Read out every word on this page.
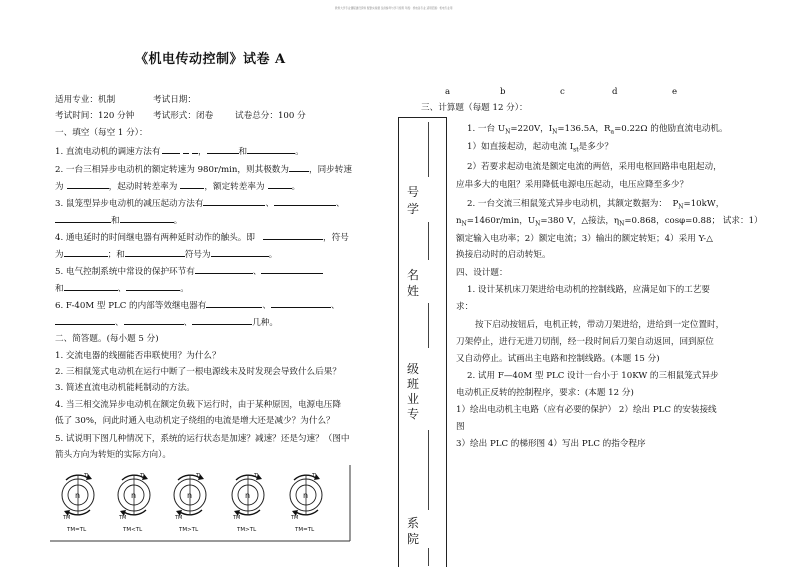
教育大学专业课程建设资料 配套实验课 仅供参考与学习使用 年级：机电各专业 适用范围：机电专业用
《机电传动控制》试卷 A
适用专业：机制	考试日期：
考试时间：120 分钟 考试形式：闭卷	试卷总分：100 分
一、填空（每空 1 分）：
1. 直流电动机的调速方法有	，	和	。
2. 一台三相异步电动机的额定转速为 980r/min，则其极数为 ，同步转速
为	，起动时转差率为	，额定转差率为	。
3. 鼠笼型异步电动机的减压起动方法有	、	、
和	。
4. 通电延时的时间继电器有两种延时动作的触头。即	，符号
为	；和	符号为	。
5. 电气控制系统中常设的保护环节有	、
和	、	。
6. F-40M 型 PLC 的内部等效继电器有	、	、
、	、	几种。
二、简答题。(每小题 5 分)
1. 交流电器的线圈能否串联使用？为什么？
2. 三相鼠笼式电动机在运行中断了一根电源线未及时发现会导致什么后果？
3. 简述直流电动机能耗制动的方法。
4. 当三相交流异步电动机在额定负载下运行时，由于某种原因，电源电压降
低了 30%，问此时通入电动机定子绕组的电流是增大还是减少？为什么？
5. 试说明下图几种情况下，系统的运行状态是加速？减速？还是匀速？（图中
箭头方向为转矩的实际方向）。
a	b	c	d	e
n
TL
TM
TM=TL
n
TL
TM
TM<TL
n
TL
TM
TM>TL
n
TL
TM
TM>TL
n
TL
TM
TM=TL
号
学
名
姓
级
班
业
专
系
院
三、计算题（每题 12 分）：
1. 一台 $U_N=220V$，$I_N=136.5A$，$R_a=0.22\Omega$ 的他励直流电动机。
1）如直接起动，起动电流 $I_{st}$是多少？
2）若要求起动电流是额定电流的两倍，采用电枢回路串电阻起动，
应串多大的电阻？采用降低电源电压起动，电压应降至多少？
2. 一台交流三相鼠笼式异步电动机，其额定数据为： $P_N=10kW$，
$n_N=1460r/\min$，$U_N=380$ V，△接法，$\eta_N=0.868$，cosφ=0.88； 试求：1）
额定输入电功率；2）额定电流；3）输出的额定转矩；4）采用 Y-△
换接启动时的启动转矩。
四、设计题：
1. 设计某机床刀架进给电动机的控制线路，应满足如下的工艺要
求：
按下启动按钮后，电机正转，带动刀架进给，进给到一定位置时，
刀架停止，进行无进刀切削，经一段时间后刀架自动返回，回到原位
又自动停止。试画出主电路和控制线路。(本题 15 分)
2. 试用 F—40M 型 PLC 设计一台小于 10KW 的三相鼠笼式异步
电动机正反转的控制程序，要求：(本题 12 分)
1）绘出电动机主电路（应有必要的保护） 2）绘出 PLC 的安装接线
图
3）绘出 PLC 的梯形图 4）写出 PLC 的指令程序
